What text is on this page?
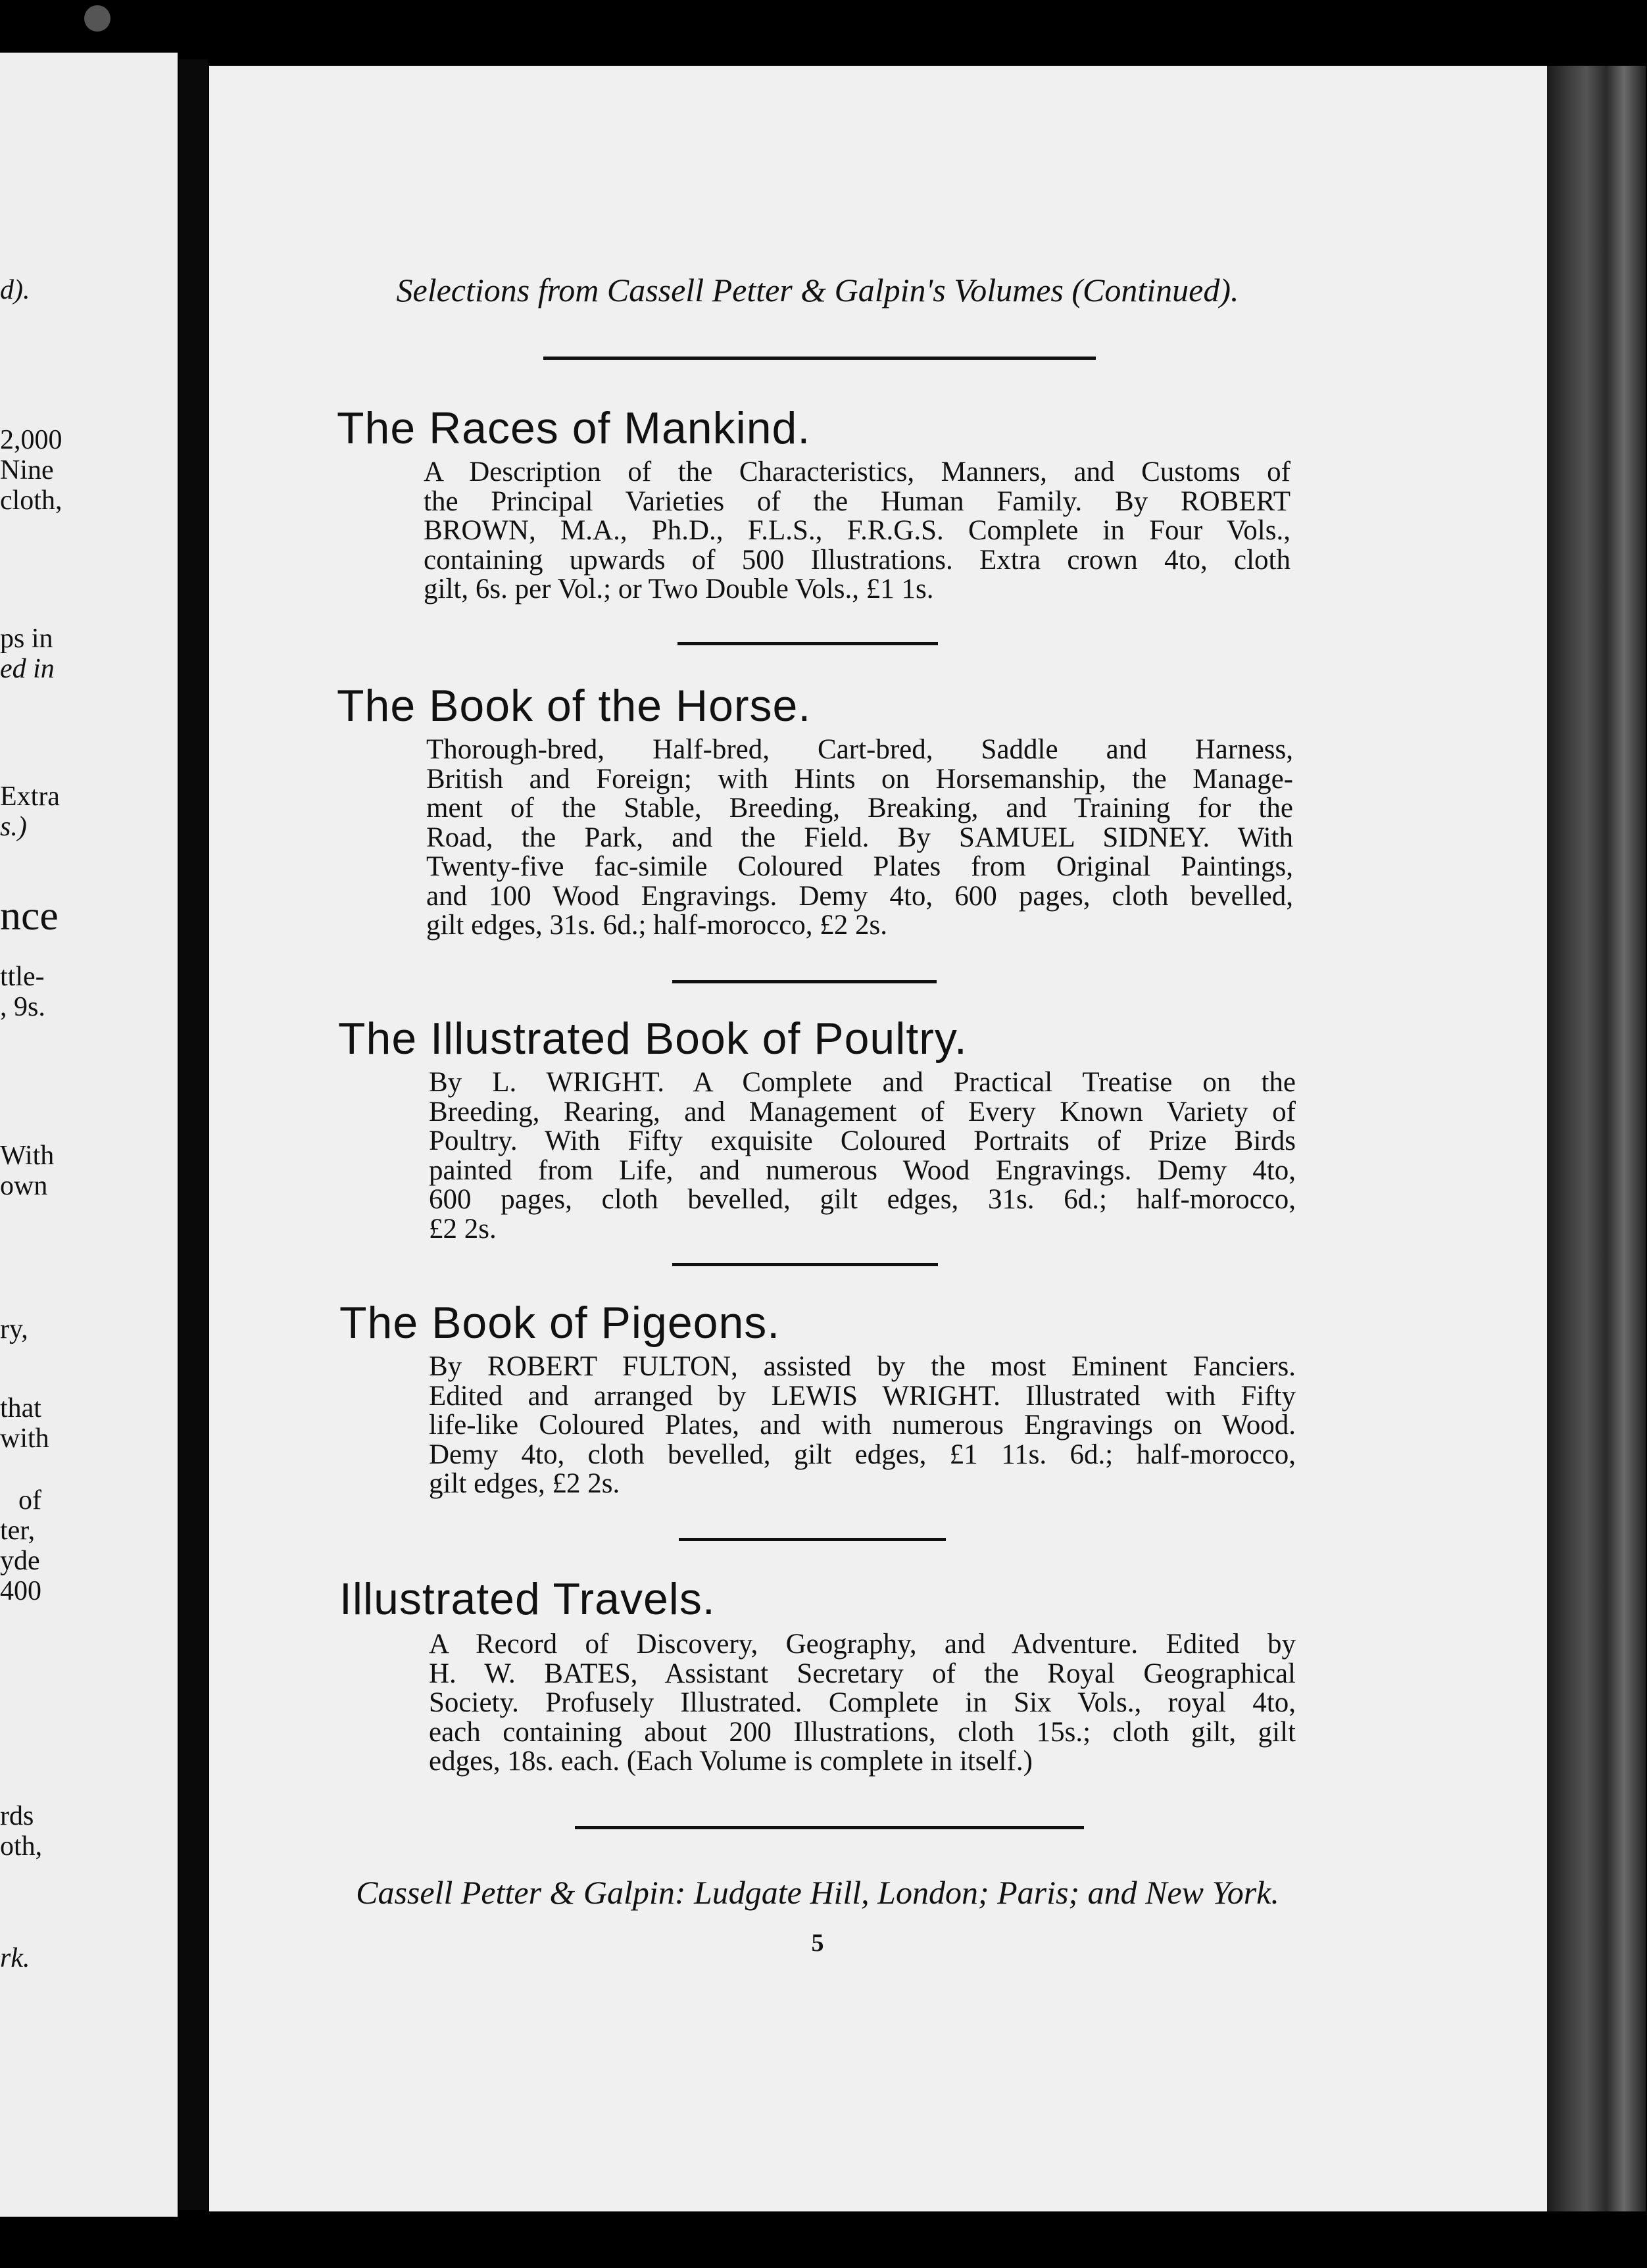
d).
2,000
Nine
cloth,
ps in
ed in
Extra
s.)
nce
ttle-
, 9s.
With
own
ry,
that
with
of
ter,
yde
400
rds
oth,
rk.
Selections from Cassell Petter & Galpin's Volumes (Continued).
The Races of Mankind.

A Description of the Characteristics, Manners, and Customs of

the Principal Varieties of the Human Family. By ROBERT

BROWN, M.A., Ph.D., F.L.S., F.R.G.S. Complete in Four Vols.,

containing upwards of 500 Illustrations. Extra crown 4to, cloth

gilt, 6s. per Vol.; or Two Double Vols., £1 1s.

The Book of the Horse.

Thorough-bred, Half-bred, Cart-bred, Saddle and Harness,

British and Foreign; with Hints on Horsemanship, the Manage-

ment of the Stable, Breeding, Breaking, and Training for the

Road, the Park, and the Field. By SAMUEL SIDNEY. With

Twenty-five fac-simile Coloured Plates from Original Paintings,

and 100 Wood Engravings. Demy 4to, 600 pages, cloth bevelled,

gilt edges, 31s. 6d.; half-morocco, £2 2s.

The Illustrated Book of Poultry.

By L. WRIGHT. A Complete and Practical Treatise on the

Breeding, Rearing, and Management of Every Known Variety of

Poultry. With Fifty exquisite Coloured Portraits of Prize Birds

painted from Life, and numerous Wood Engravings. Demy 4to,

600 pages, cloth bevelled, gilt edges, 31s. 6d.; half-morocco,

£2 2s.

The Book of Pigeons.

By ROBERT FULTON, assisted by the most Eminent Fanciers.

Edited and arranged by LEWIS WRIGHT. Illustrated with Fifty

life-like Coloured Plates, and with numerous Engravings on Wood.

Demy 4to, cloth bevelled, gilt edges, £1 11s. 6d.; half-morocco,

gilt edges, £2 2s.

Illustrated Travels.

A Record of Discovery, Geography, and Adventure. Edited by

H. W. BATES, Assistant Secretary of the Royal Geographical

Society. Profusely Illustrated. Complete in Six Vols., royal 4to,

each containing about 200 Illustrations, cloth 15s.; cloth gilt, gilt

edges, 18s. each. (Each Volume is complete in itself.)

Cassell Petter & Galpin: Ludgate Hill, London; Paris; and New York.
5
